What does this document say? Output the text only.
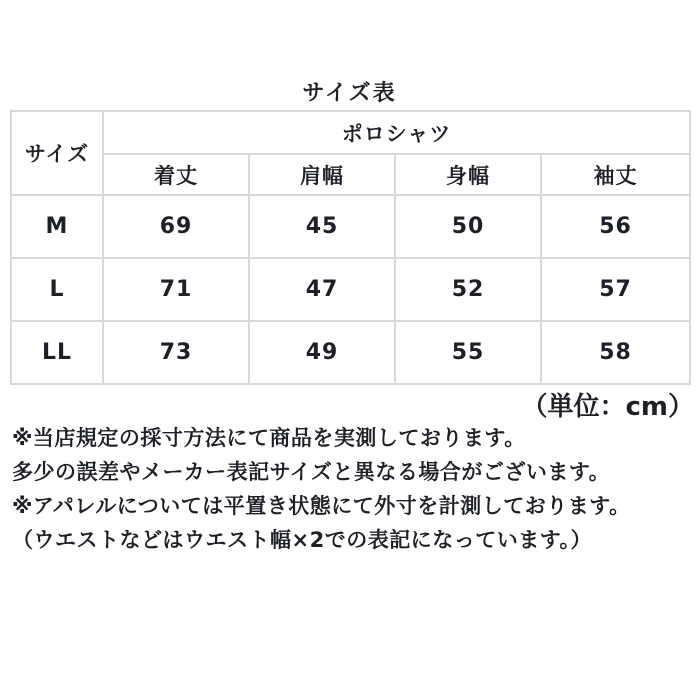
サイズ表
サイズ	ポロシャツ			
	着丈	肩幅	身幅	袖丈
M	69	45	50	56
L	71	47	52	57
LL	73	49	55	58
（単位：cm）
※当店規定の採寸方法にて商品を実測しております。
多少の誤差やメーカー表記サイズと異なる場合がございます。
※アパレルについては平置き状態にて外寸を計測しております。
（ウエストなどはウエスト幅×2での表記になっています。）
